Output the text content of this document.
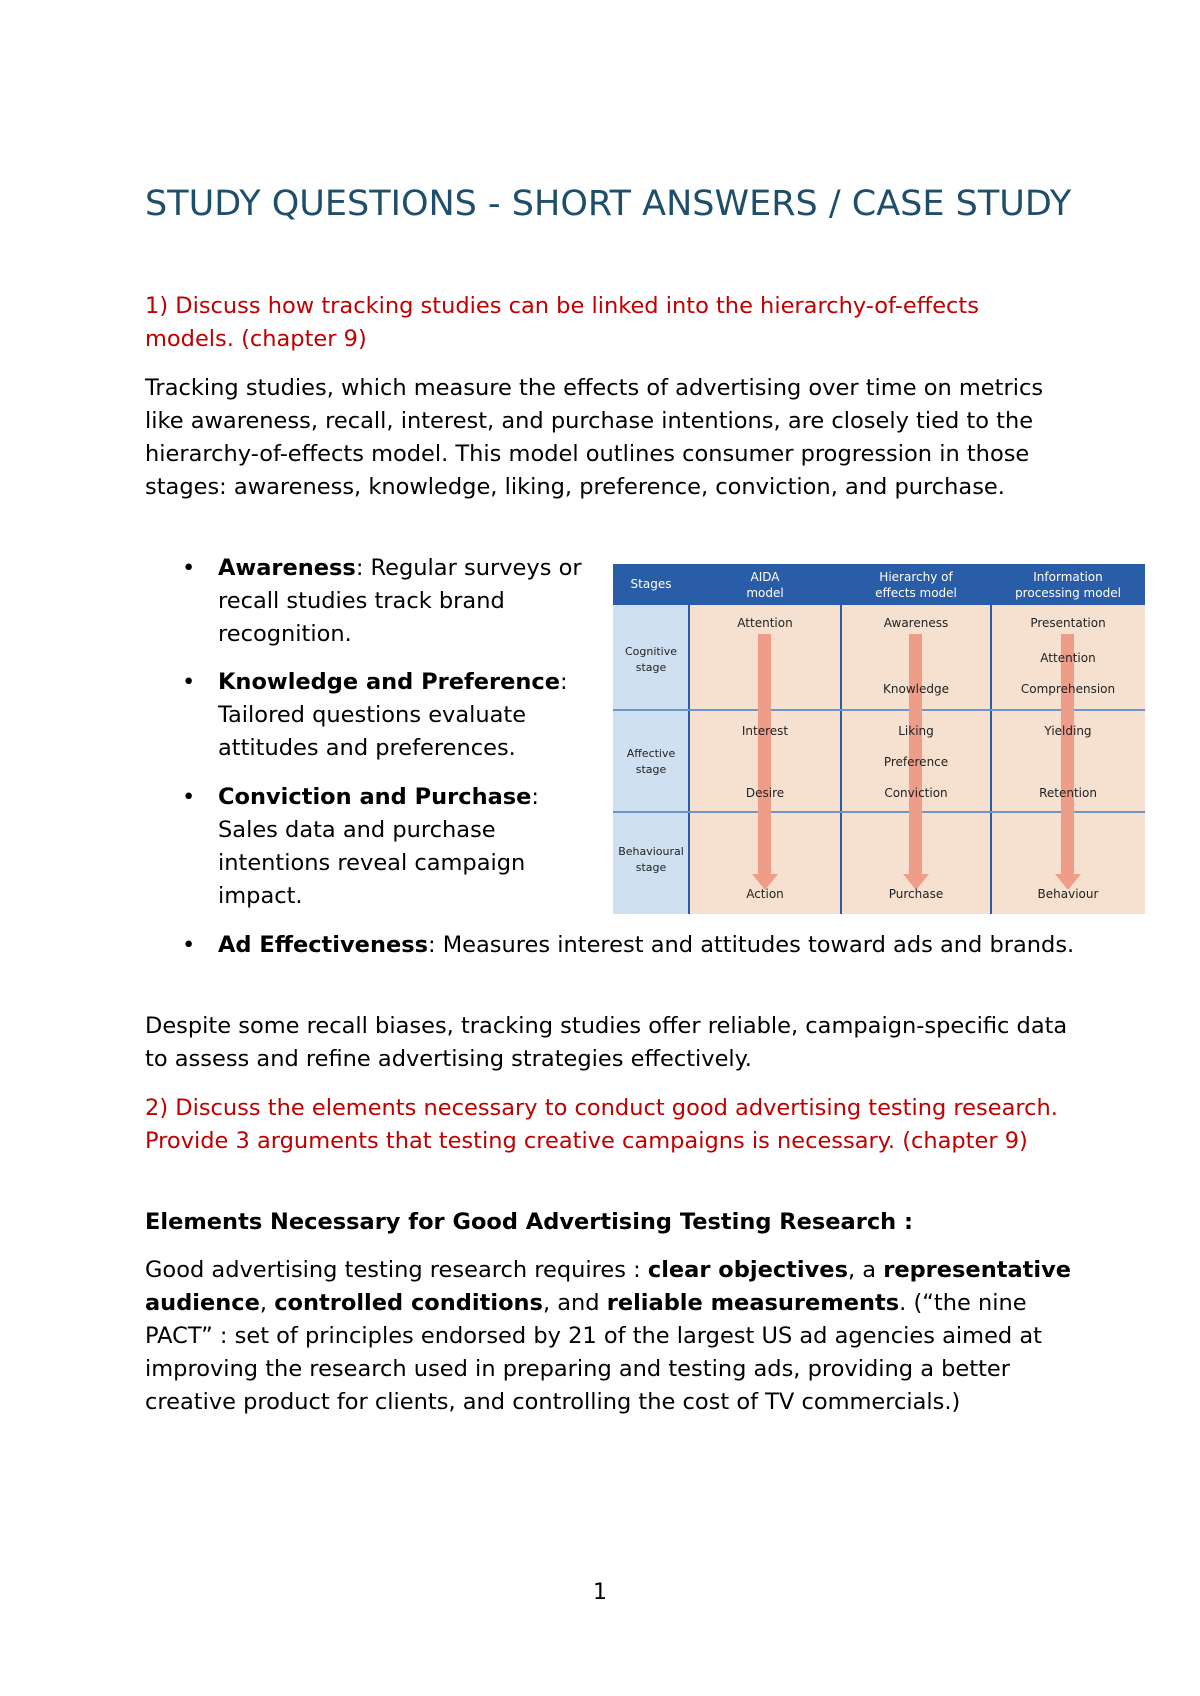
STUDY QUESTIONS - SHORT ANSWERS / CASE STUDY

1) Discuss how tracking studies can be linked into the hierarchy-of-effects models. (chapter 9)

Tracking studies, which measure the effects of advertising over time on metrics like awareness, recall, interest, and purchase intentions, are closely tied to the hierarchy-of-effects model. This model outlines consumer progression in those stages: awareness, knowledge, liking, preference, conviction, and purchase.

• Awareness: Regular surveys or recall studies track brand recognition.
• Knowledge and Preference: Tailored questions evaluate attitudes and preferences.
• Conviction and Purchase: Sales data and purchase intentions reveal campaign impact.
• Ad Effectiveness: Measures interest and attitudes toward ads and brands.
Stages	AIDA
model
Hierarchy of
effects model
Information
processing model
Cognitive
stage
Affective
stage
Behavioural
stage
Attention
Interest
Desire
Action
Awareness
Knowledge
Liking
Preference
Conviction
Purchase
Presentation
Attention
Comprehension
Yielding
Retention
Behaviour

Despite some recall biases, tracking studies offer reliable, campaign-specific data to assess and refine advertising strategies effectively.

2) Discuss the elements necessary to conduct good advertising testing research. Provide 3 arguments that testing creative campaigns is necessary. (chapter 9)

Elements Necessary for Good Advertising Testing Research :

Good advertising testing research requires : clear objectives, a representative audience, controlled conditions, and reliable measurements. (“the nine PACT” : set of principles endorsed by 21 of the largest US ad agencies aimed at improving the research used in preparing and testing ads, providing a better creative product for clients, and controlling the cost of TV commercials.)

1
